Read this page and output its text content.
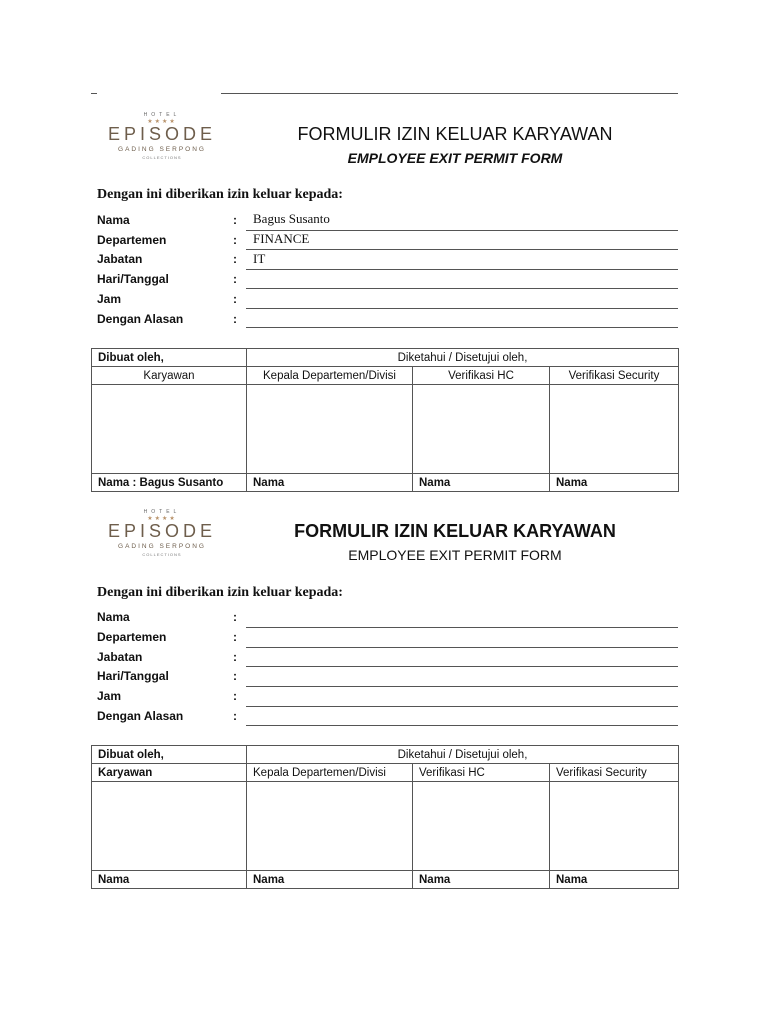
HOTEL
★★★★
EPISODE
GADING SERPONG
COLLECTIONS
FORMULIR IZIN KELUAR KARYAWAN
EMPLOYEE EXIT PERMIT FORM
Dengan ini diberikan izin keluar kepada:
Nama	: Bagus Susanto
Departemen	: FINANCE
Jabatan	: IT
Hari/Tanggal	:
Jam	:
Dengan Alasan	:
Dibuat oleh,	Diketahui / Disetujui oleh,		
Karyawan	Kepala Departemen/Divisi	Verifikasi HC	Verifikasi Security

Nama : Bagus Susanto	Nama	Nama	Nama
HOTEL
★★★★
EPISODE
GADING SERPONG
COLLECTIONS
FORMULIR IZIN KELUAR KARYAWAN
EMPLOYEE EXIT PERMIT FORM
Dengan ini diberikan izin keluar kepada:
Nama	:
Departemen	:
Jabatan	:
Hari/Tanggal	:
Jam	:
Dengan Alasan	:
Dibuat oleh,	Diketahui / Disetujui oleh,		
Karyawan	Kepala Departemen/Divisi	Verifikasi HC	Verifikasi Security

Nama	Nama	Nama	Nama
